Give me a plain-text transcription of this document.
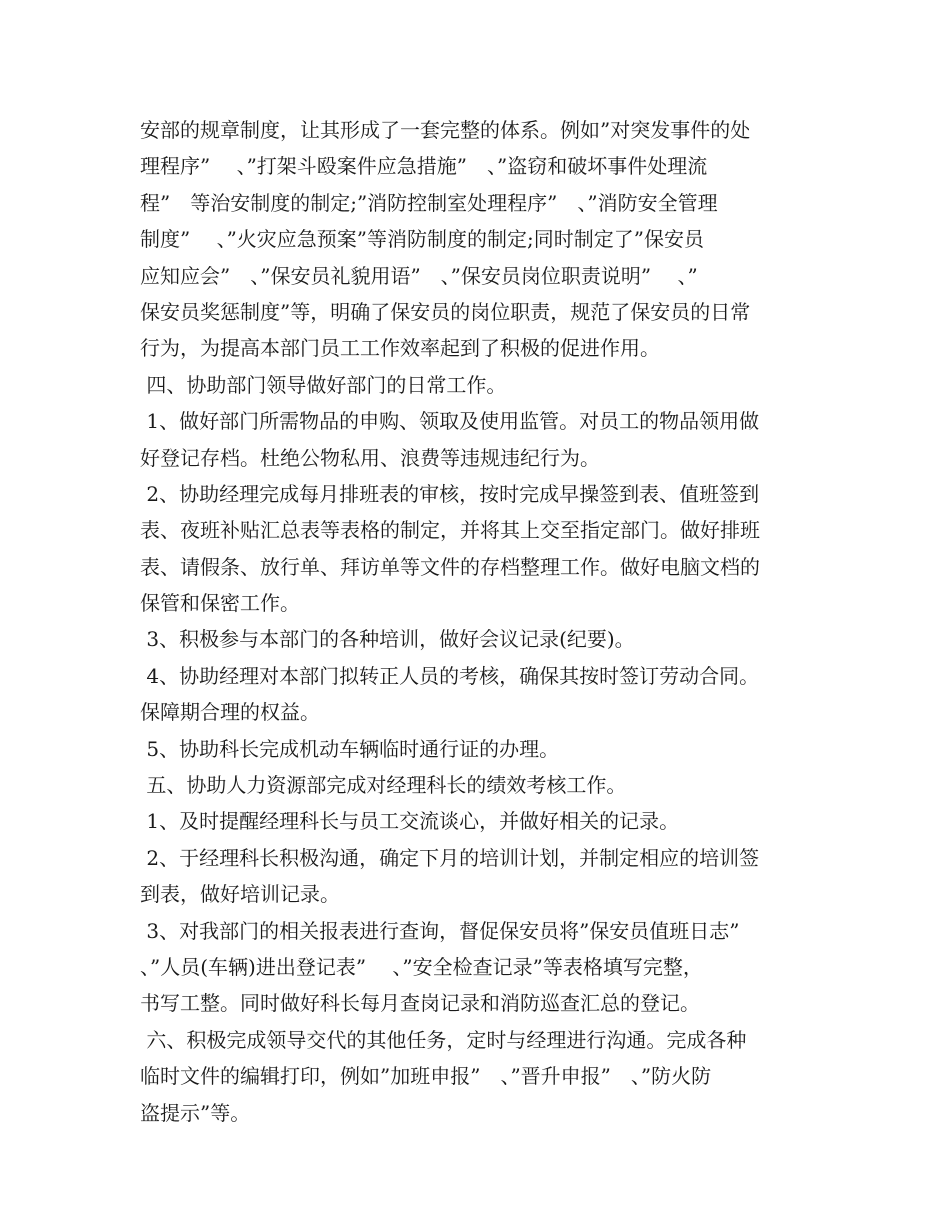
安部的规章制度，让其形成了一套完整的体系。例如”对突发事件的处
理程序”　 、”打架斗殴案件应急措施”　、”盗窃和破坏事件处理流
程”　等治安制度的制定;”消防控制室处理程序”　、”消防安全管理
制度”　 、”火灾应急预案”等消防制度的制定;同时制定了”保安员
应知应会”　、”保安员礼貌用语”　、”保安员岗位职责说明”　 、”
保安员奖惩制度”等，明确了保安员的岗位职责，规范了保安员的日常
行为，为提高本部门员工工作效率起到了积极的促进作用。
四、协助部门领导做好部门的日常工作。
1、做好部门所需物品的申购、领取及使用监管。对员工的物品领用做
好登记存档。杜绝公物私用、浪费等违规违纪行为。
2、协助经理完成每月排班表的审核，按时完成早操签到表、值班签到
表、夜班补贴汇总表等表格的制定，并将其上交至指定部门。做好排班
表、请假条、放行单、拜访单等文件的存档整理工作。做好电脑文档的
保管和保密工作。
3、积极参与本部门的各种培训，做好会议记录(纪要)。
4、协助经理对本部门拟转正人员的考核，确保其按时签订劳动合同。
保障期合理的权益。
5、协助科长完成机动车辆临时通行证的办理。
五、协助人力资源部完成对经理科长的绩效考核工作。
1、及时提醒经理科长与员工交流谈心，并做好相关的记录。
2、于经理科长积极沟通，确定下月的培训计划，并制定相应的培训签
到表，做好培训记录。
3、对我部门的相关报表进行查询，督促保安员将”保安员值班日志”
、”人员(车辆)进出登记表”　 、”安全检查记录”等表格填写完整，
书写工整。同时做好科长每月查岗记录和消防巡查汇总的登记。
六、积极完成领导交代的其他任务，定时与经理进行沟通。完成各种
临时文件的编辑打印，例如”加班申报”　、”晋升申报”　、”防火防
盗提示”等。
